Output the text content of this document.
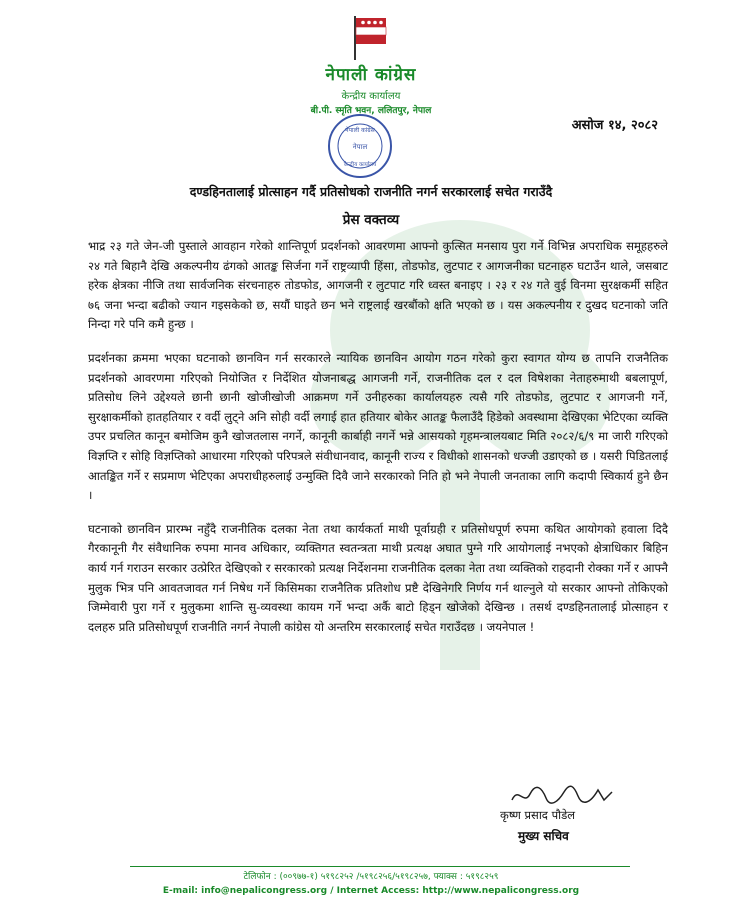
नेपाली कांग्रेस
केन्द्रीय कार्यालय
बी.पी. स्मृति भवन, ललितपुर, नेपाल
असोज १४, २०८२
नेपाली कांग्रेस
नेपाल
केन्द्रीय कार्यालय
दण्डहिनतालाई प्रोत्साहन गर्दै प्रतिसोधको राजनीति नगर्न सरकारलाई सचेत गराउँदै
प्रेस वक्तव्य

भाद्र २३ गते जेन-जी पुस्ताले आवहान गरेको शान्तिपूर्ण प्रदर्शनको आवरणमा आफ्नो कुत्सित मनसाय पुरा गर्ने विभिन्न अपराधिक समूहहरुले २४ गते बिहानै देखि अकल्पनीय ढंगको आतङ्क सिर्जना गर्ने राष्ट्रव्यापी हिंसा, तोडफोड, लुटपाट र आगजनीका घटनाहरु घटाउँन थाले, जसबाट हरेक क्षेत्रका नीजि तथा सार्वजनिक संरचनाहरु तोडफोड, आगजनी र लुटपाट गरि ध्वस्त बनाइए । २३ र २४ गते वुई विनमा सुरक्षकर्मी सहित ७६ जना भन्दा बढीको ज्यान गइसकेको छ, सयौं घाइते छन भने राष्ट्रलाई खरबौंको क्षति भएको छ । यस अकल्पनीय र दुखद घटनाको जति निन्दा गरे पनि कमै हुन्छ ।

प्रदर्शनका क्रममा भएका घटनाको छानविन गर्न सरकारले न्यायिक छानविन आयोग गठन गरेको कुरा स्वागत योग्य छ तापनि राजनैतिक प्रदर्शनको आवरणमा गरिएको नियोजित र निर्देशित योजनाबद्ध आगजनी गर्ने, राजनीतिक दल र दल विषेशका नेताहरुमाथी बबलापूर्ण, प्रतिसोध लिने उद्देश्यले छानी छानी खोजीखोजी आक्रमण गर्ने उनीहरुका कार्यालयहरु त्यसै गरि तोडफोड, लुटपाट र आगजनी गर्ने, सुरक्षाकर्मीको हातहतियार र वर्दी लुट्ने अनि सोही वर्दी लगाई हात हतियार बोकेर आतङ्क फैलाउँदै हिडेको अवस्थामा देखिएका भेटिएका व्यक्ति उपर प्रचलित कानून बमोजिम कुनै खोजतलास नगर्ने, कानूनी कार्बाही नगर्ने भन्ने आसयको गृहमन्त्रालयबाट मिति २०८२/६/९ मा जारी गरिएको विज्ञप्ति र सोहि विज्ञप्तिको आधारमा गरिएको परिपत्रले संवीधानवाद, कानूनी राज्य र विधीको शासनको धज्जी उडाएको छ । यसरी पिडितलाई आतङ्कित गर्ने र सप्रमाण भेटिएका अपराधीहरुलाई उन्मुक्ति दिवै जाने सरकारको निति हो भने नेपाली जनताका लागि कदापी स्विकार्य हुने छैन ।

घटनाको छानविन प्रारम्भ नहुँदै राजनीतिक दलका नेता तथा कार्यकर्ता माथी पूर्वाग्रही र प्रतिसोधपूर्ण रुपमा कथित आयोगको हवाला दिदै गैरकानूनी गैर संवैधानिक रुपमा मानव अधिकार, व्यक्तिगत स्वतन्त्रता माथी प्रत्यक्ष अघात पुग्ने गरि आयोगलाई नभएको क्षेत्राधिकार बिहिन कार्य गर्न गराउन सरकार उत्प्रेरित देखिएको र सरकारको प्रत्यक्ष निर्देशनमा राजनीतिक दलका नेता तथा व्यक्तिको राहदानी रोक्का गर्ने र आफ्नै मुलुक भित्र पनि आवतजावत गर्न निषेध गर्ने किसिमका राजनैतिक प्रतिशोध प्रष्टै देखिनेगरि निर्णय गर्न थाल्नुले यो सरकार आफ्नो तोकिएको जिम्मेवारी पुरा गर्ने र मुलुकमा शान्ति सु-व्यवस्था कायम गर्ने भन्दा अर्कै बाटो हिड्न खोजेको देखिन्छ । तसर्थ दण्डहिनतालाई प्रोत्साहन र दलहरु प्रति प्रतिसोधपूर्ण राजनीति नगर्न नेपाली कांग्रेस यो अन्तरिम सरकारलाई सचेत गराउँदछ । जयनेपाल !

कृष्ण प्रसाद पौडेल
मुख्य सचिव
टेलिफोन : (००९७७-१) ५१९८२५२ /५१९८२५६/५१९८२५७, फ्याक्स : ५१९८२५९
E-mail: info@nepalicongress.org / Internet Access: http://www.nepalicongress.org
